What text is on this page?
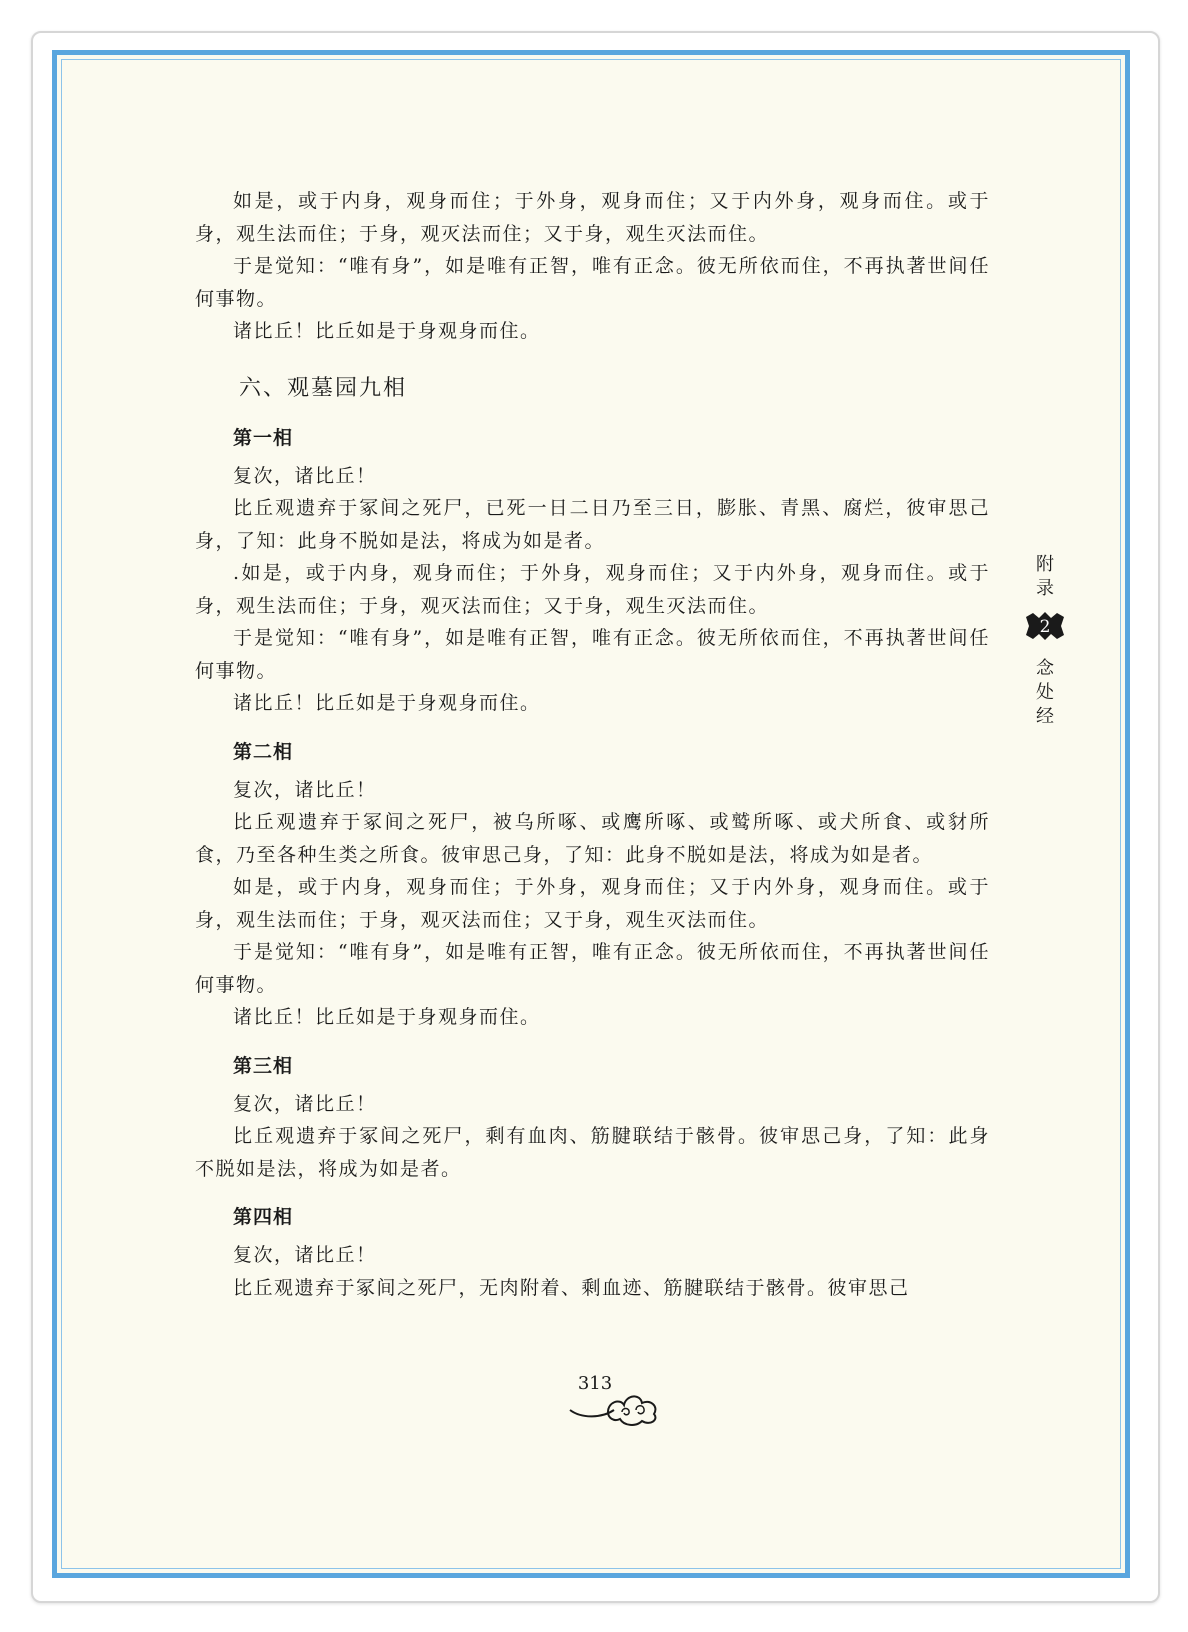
如是，或于内身，观身而住；于外身，观身而住；又于内外身，观身而住。或于身，观生法而住；于身，观灭法而住；又于身，观生灭法而住。

于是觉知：“唯有身”，如是唯有正智，唯有正念。彼无所依而住，不再执著世间任何事物。

诸比丘！比丘如是于身观身而住。

六、观墓园九相
第一相

复次，诸比丘！

比丘观遗弃于冢间之死尸，已死一日二日乃至三日，膨胀、青黑、腐烂，彼审思己身，了知：此身不脱如是法，将成为如是者。

.如是，或于内身，观身而住；于外身，观身而住；又于内外身，观身而住。或于身，观生法而住；于身，观灭法而住；又于身，观生灭法而住。

于是觉知：“唯有身”，如是唯有正智，唯有正念。彼无所依而住，不再执著世间任何事物。

诸比丘！比丘如是于身观身而住。

第二相

复次，诸比丘！

比丘观遗弃于冢间之死尸，被乌所啄、或鹰所啄、或鹫所啄、或犬所食、或豺所食，乃至各种生类之所食。彼审思己身，了知：此身不脱如是法，将成为如是者。

如是，或于内身，观身而住；于外身，观身而住；又于内外身，观身而住。或于身，观生法而住；于身，观灭法而住；又于身，观生灭法而住。

于是觉知：“唯有身”，如是唯有正智，唯有正念。彼无所依而住，不再执著世间任何事物。

诸比丘！比丘如是于身观身而住。

第三相

复次，诸比丘！

比丘观遗弃于冢间之死尸，剩有血肉、筋腱联结于骸骨。彼审思己身，了知：此身不脱如是法，将成为如是者。

第四相

复次，诸比丘！

比丘观遗弃于冢间之死尸，无肉附着、剩血迹、筋腱联结于骸骨。彼审思己

附
录
2
念
处
经
313
